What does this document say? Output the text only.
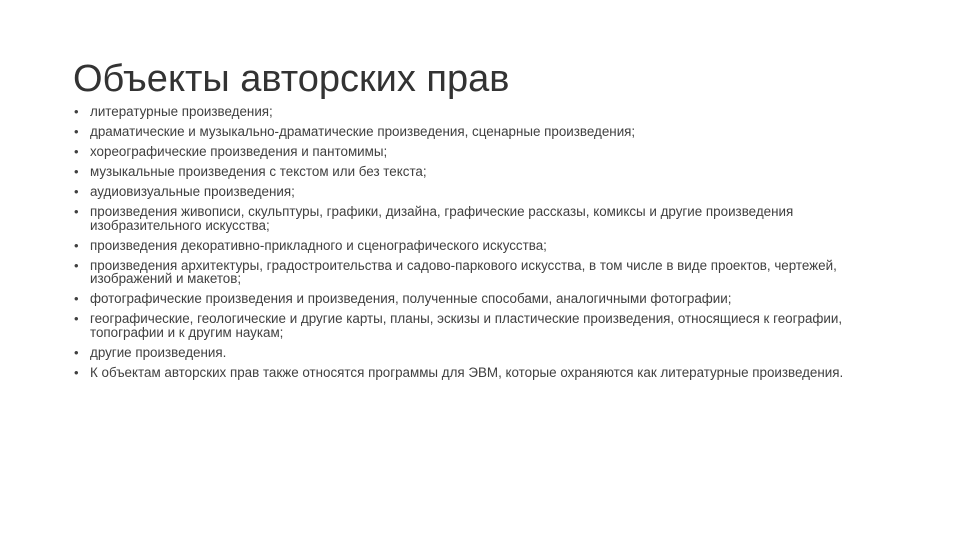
Объекты авторских прав
• литературные произведения;
• драматические и музыкально-драматические произведения, сценарные произведения;
• хореографические произведения и пантомимы;
• музыкальные произведения с текстом или без текста;
• аудиовизуальные произведения;
• произведения живописи, скульптуры, графики, дизайна, графические рассказы, комиксы и другие произведения изобразительного искусства;
• произведения декоративно-прикладного и сценографического искусства;
• произведения архитектуры, градостроительства и садово-паркового искусства, в том числе в виде проектов, чертежей, изображений и макетов;
• фотографические произведения и произведения, полученные способами, аналогичными фотографии;
• географические, геологические и другие карты, планы, эскизы и пластические произведения, относящиеся к географии, топографии и к другим наукам;
• другие произведения.
• К объектам авторских прав также относятся программы для ЭВМ, которые охраняются как литературные произведения.
